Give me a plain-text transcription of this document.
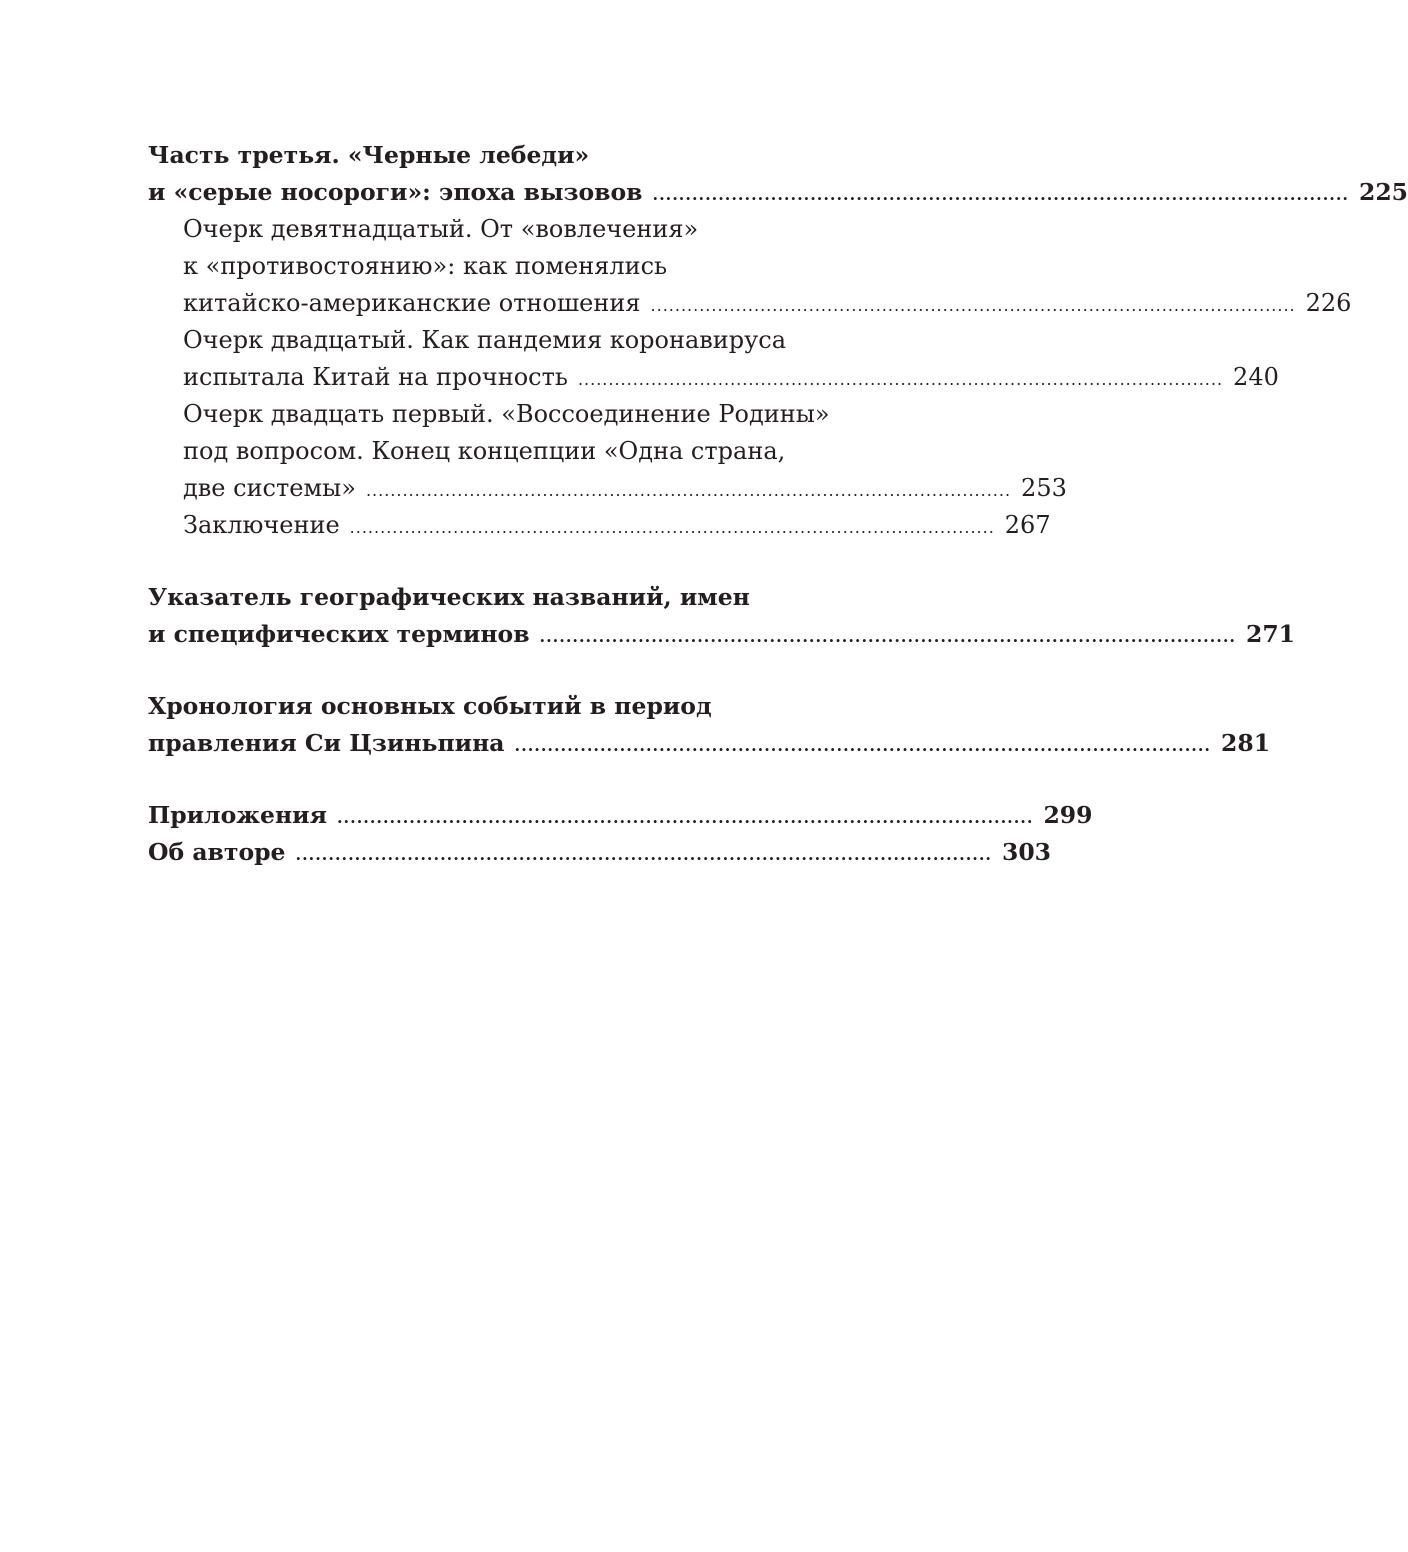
Часть третья. «Черные лебеди»
и «серые носороги»: эпоха вызовов .......................................................................................................... 225
Очерк девятнадцатый. От «вовлечения»
к «противостоянию»: как поменялись
китайско-американские отношения .......................................................................................................... 226
Очерк двадцатый. Как пандемия коронавируса
испытала Китай на прочность .......................................................................................................... 240
Очерк двадцать первый. «Воссоединение Родины»
под вопросом. Конец концепции «Одна страна,
две системы» .......................................................................................................... 253
Заключение .......................................................................................................... 267
Указатель географических названий, имен
и специфических терминов .......................................................................................................... 271
Хронология основных событий в период
правления Си Цзиньпина .......................................................................................................... 281
Приложения .......................................................................................................... 299
Об авторе .......................................................................................................... 303
